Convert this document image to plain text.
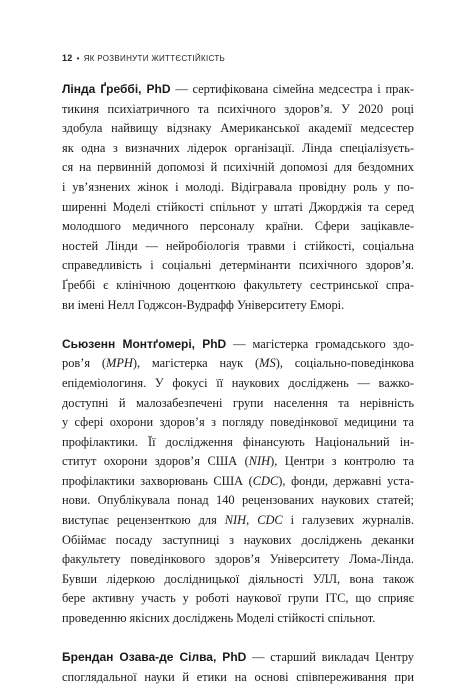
12 • ЯК РОЗВИНУТИ ЖИТТЄСТІЙКІСТЬ

Лінда Ґреббі, PhD — сертифікована сімейна медсестра і прак-
тикиня психіатричного та психічного здоров’я. У 2020 році
здобула найвищу відзнаку Американської академії медсестер
як одна з визначних лідерок організації. Лінда спеціалізуєть-
ся на первинній допомозі й психічній допомозі для бездомних
і ув’язнених жінок і молоді. Відігравала провідну роль у по-
ширенні Моделі стійкості спільнот у штаті Джорджія та серед
молодшого медичного персоналу країни. Сфери зацікавле-
ностей Лінди — нейробіологія травми і стійкості, соціальна
справедливість і соціальні детермінанти психічного здоров’я.
Ґреббі є клінічною доценткою факультету сестринської спра-
ви імені Нелл Годжсон-Вудрафф Університету Еморі.

Сьюзенн Монтґомері, PhD — магістерка громадського здо-
ров’я (MPH), магістерка наук (MS), соціально-поведінкова
епідеміологиня. У фокусі її наукових досліджень — важко-
доступні й малозабезпечені групи населення та нерівність
у сфері охорони здоров’я з погляду поведінкової медицини та
профілактики. Її дослідження фінансують Національний ін-
ститут охорони здоров’я США (NIH), Центри з контролю та
профілактики захворювань США (CDC), фонди, державні уста-
нови. Опублікувала понад 140 рецензованих наукових статей;
виступає рецензенткою для NIH, CDC і галузевих журналів.
Обіймає посаду заступниці з наукових досліджень деканки
факультету поведінкового здоров’я Університету Лома-Лінда.
Бувши лідеркою дослідницької діяльності УЛЛ, вона також
бере активну участь у роботі наукової групи ІТС, що сприяє
проведенню якісних досліджень Моделі стійкості спільнот.

Брендан Озава-де Сілва, PhD — старший викладач Центру
споглядальної науки й етики на основі співпереживання при
